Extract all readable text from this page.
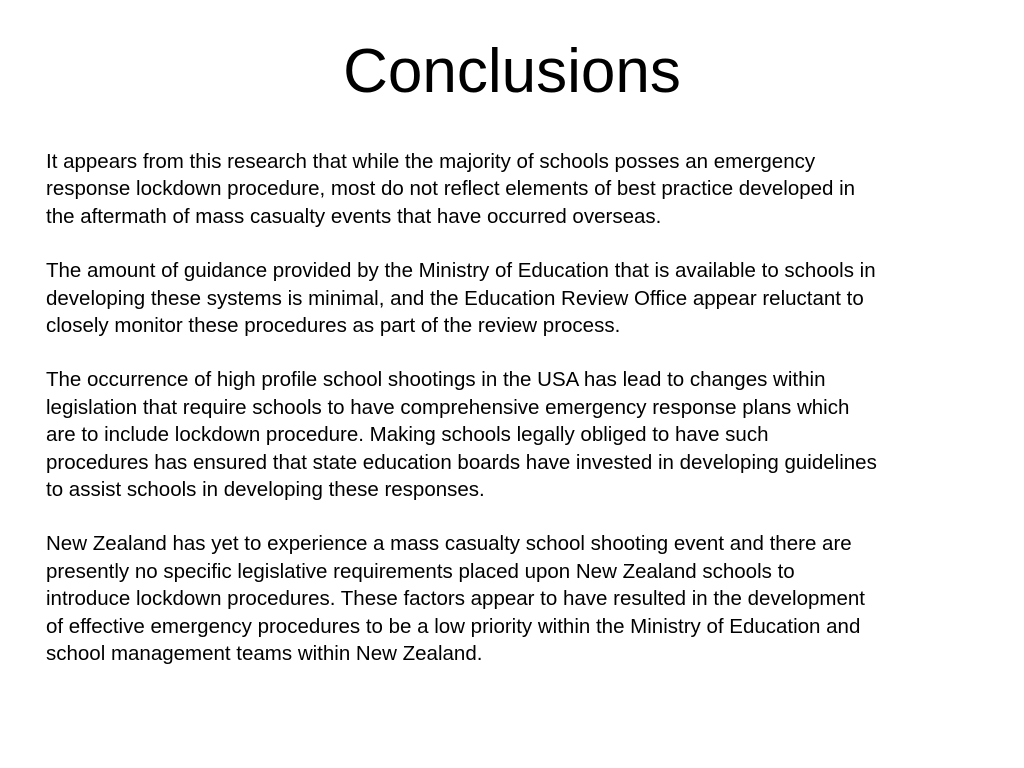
Conclusions

It appears from this research that while the majority of schools posses an emergency
response lockdown procedure, most do not reflect elements of best practice developed in
the aftermath of mass casualty events that have occurred overseas.

The amount of guidance provided by the Ministry of Education that is available to schools in
developing these systems is minimal, and the Education Review Office appear reluctant to
closely monitor these procedures as part of the review process.

The occurrence of high profile school shootings in the USA has lead to changes within
legislation that require schools to have comprehensive emergency response plans which
are to include lockdown procedure. Making schools legally obliged to have such
procedures has ensured that state education boards have invested in developing guidelines
to assist schools in developing these responses.

New Zealand has yet to experience a mass casualty school shooting event and there are
presently no specific legislative requirements placed upon New Zealand schools to
introduce lockdown procedures. These factors appear to have resulted in the development
of effective emergency procedures to be a low priority within the Ministry of Education and
school management teams within New Zealand.
